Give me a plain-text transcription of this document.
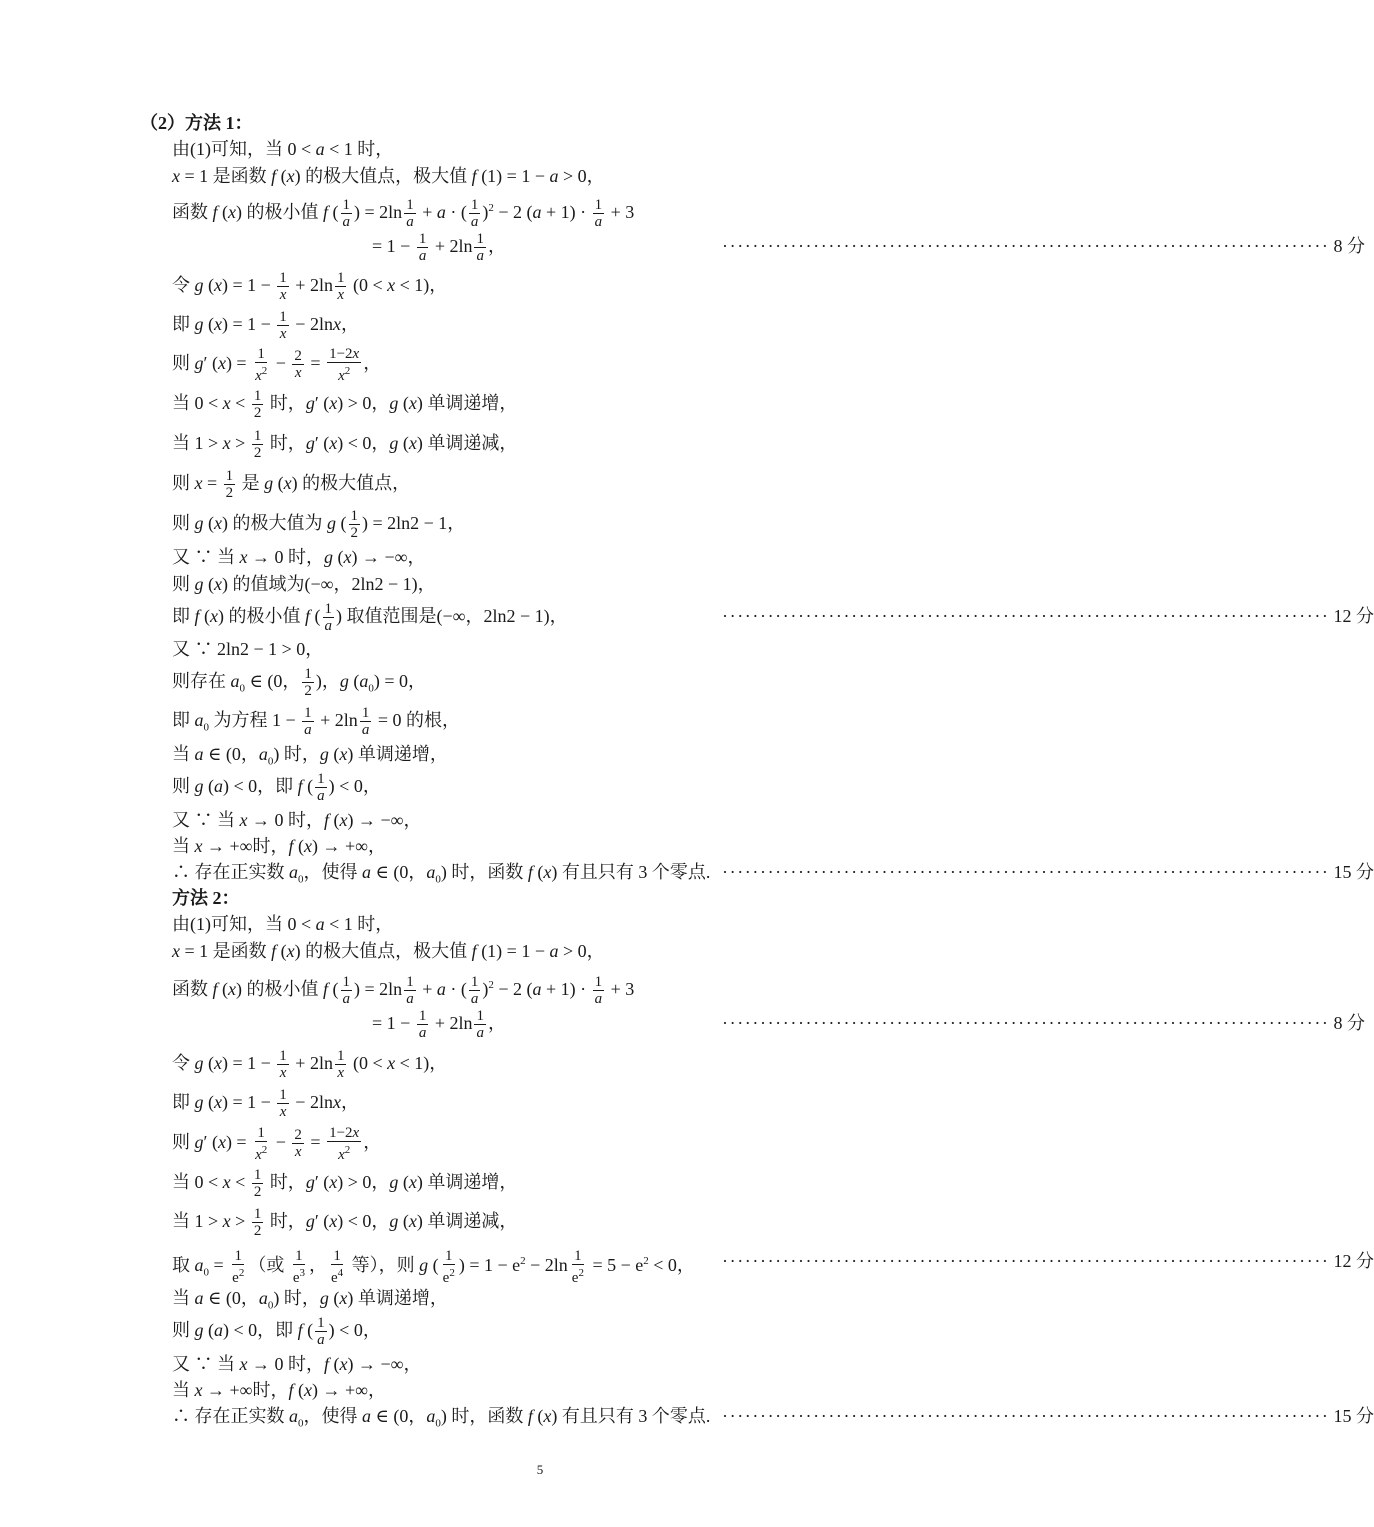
（2）方法 1：
由(1)可知，当 0 < a < 1 时，
x = 1 是函数 f (x) 的极大值点，极大值 f (1) = 1 − a > 0，
函数 f (x) 的极小值 f ( $\frac{1}{a}$ ) = $2\ln \frac{1}{a} + a$ · ( $\frac{1}{a} )^2 - 2$ $(a + 1) \cdot \frac{1}{a} + 3$
= $1 - \frac{1}{a} + 2\ln \frac{1}{a}$ ，	················································································ 8 分
令 g $(x) = 1 - \frac{1}{x} + 2\ln \frac{1}{x} (0 < x < 1)$，
即 g $(x) = 1 - \frac{1}{x} - 2\ln x$，
则 g′ $(x) = \frac{1}{x^2} - \frac{2}{x} = \frac{1-2x}{x^2}$ ，
当 $0 < x < \frac{1}{2}$ 时，g′ (x) > 0，g (x) 单调递增，
当 $1 > x > \frac{1}{2}$ 时，g′ (x) < 0，g (x) 单调递减，
则 $x = \frac{1}{2}$ 是 g (x) 的极大值点，
则 g (x) 的极大值为 g ( $\frac{1}{2}$ ) = 2ln2 − 1，
又 ∵ 当 x → 0 时，g (x) → −∞，
则 g (x) 的值域为(−∞，2ln2 − 1)，
即 f (x) 的极小值 f ( $\frac{1}{a}$ ) 取值范围是(−∞，2ln2 − 1)，	················································································ 12 分
又 ∵ 2ln2 − 1 > 0，
则存在 $a_0$ ∈ (0， $\frac{1}{2}$ )，g $(a_0) = 0$，
即 $a_0$ 为方程 $1 - \frac{1}{a} + 2\ln \frac{1}{a} = 0$ 的根，
当 a ∈ (0，$a_0$) 时，g (x) 单调递增，
则 g (a) < 0，即 f ( $\frac{1}{a}$ ) < 0，
又 ∵ 当 x → 0 时，f (x) → −∞，
当 x → +∞时，f (x) → +∞，
∴ 存在正实数 $a_0$，使得 a ∈ (0，$a_0$) 时，函数 f (x) 有且只有 3 个零点. ················································································ 15 分
方法 2：
由(1)可知，当 0 < a < 1 时，
x = 1 是函数 f (x) 的极大值点，极大值 f (1) = 1 − a > 0，
函数 f (x) 的极小值 f ( $\frac{1}{a}$ ) = $2\ln \frac{1}{a} + a$ · ( $\frac{1}{a} )^2 - 2$ $(a + 1) \cdot \frac{1}{a} + 3$
= $1 - \frac{1}{a} + 2\ln \frac{1}{a}$ ，	················································································ 8 分
令 g $(x) = 1 - \frac{1}{x} + 2\ln \frac{1}{x} (0 < x < 1)$，
即 g $(x) = 1 - \frac{1}{x} - 2\ln x$，
则 g′ $(x) = \frac{1}{x^2} - \frac{2}{x} = \frac{1-2x}{x^2}$ ，
当 $0 < x < \frac{1}{2}$ 时，g′ (x) > 0，g (x) 单调递增，
当 $1 > x > \frac{1}{2}$ 时，g′ (x) < 0，g (x) 单调递减，
取 $a_0 = \frac{1}{e^2}$ （或 $\frac{1}{e^3}$ ， $\frac{1}{e^4}$ 等），则 g ( $\frac{1}{e^2}$ ) = $1 - e^2 - 2\ln \frac{1}{e^2} = 5 - e^2 < 0$， ················································································ 12 分
当 a ∈ (0，$a_0$) 时，g (x) 单调递增，
则 g (a) < 0，即 f ( $\frac{1}{a}$ ) < 0，
又 ∵ 当 x → 0 时，f (x) → −∞，
当 x → +∞时，f (x) → +∞，
∴ 存在正实数 $a_0$，使得 a ∈ (0，$a_0$) 时，函数 f (x) 有且只有 3 个零点. ················································································ 15 分
5
